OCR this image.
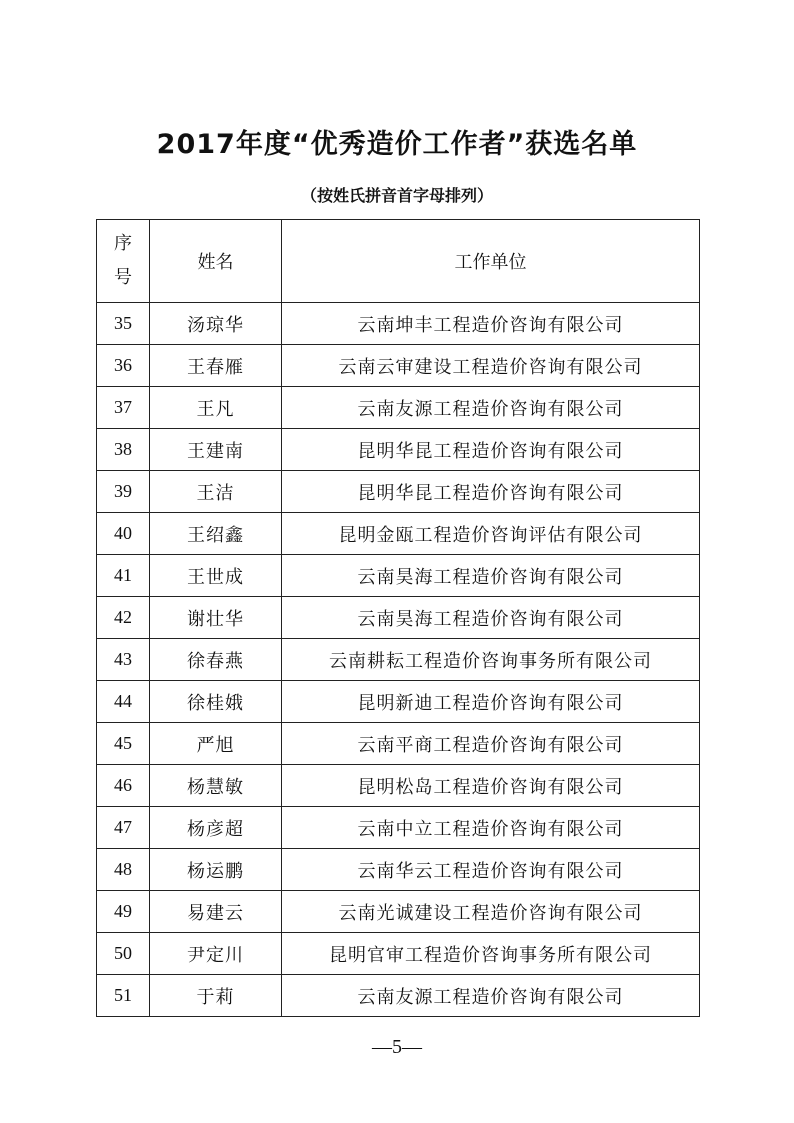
2017年度“优秀造价工作者”获选名单
（按姓氏拼音首字母排列）
序
号	姓名	工作单位
35	汤琼华	云南坤丰工程造价咨询有限公司
36	王春雁	云南云审建设工程造价咨询有限公司
37	王凡	云南友源工程造价咨询有限公司
38	王建南	昆明华昆工程造价咨询有限公司
39	王洁	昆明华昆工程造价咨询有限公司
40	王绍鑫	昆明金瓯工程造价咨询评估有限公司
41	王世成	云南昊海工程造价咨询有限公司
42	谢壮华	云南昊海工程造价咨询有限公司
43	徐春燕	云南耕耘工程造价咨询事务所有限公司
44	徐桂娥	昆明新迪工程造价咨询有限公司
45	严旭	云南平商工程造价咨询有限公司
46	杨慧敏	昆明松岛工程造价咨询有限公司
47	杨彦超	云南中立工程造价咨询有限公司
48	杨运鹏	云南华云工程造价咨询有限公司
49	易建云	云南光诚建设工程造价咨询有限公司
50	尹定川	昆明官审工程造价咨询事务所有限公司
51	于莉	云南友源工程造价咨询有限公司
—5—
